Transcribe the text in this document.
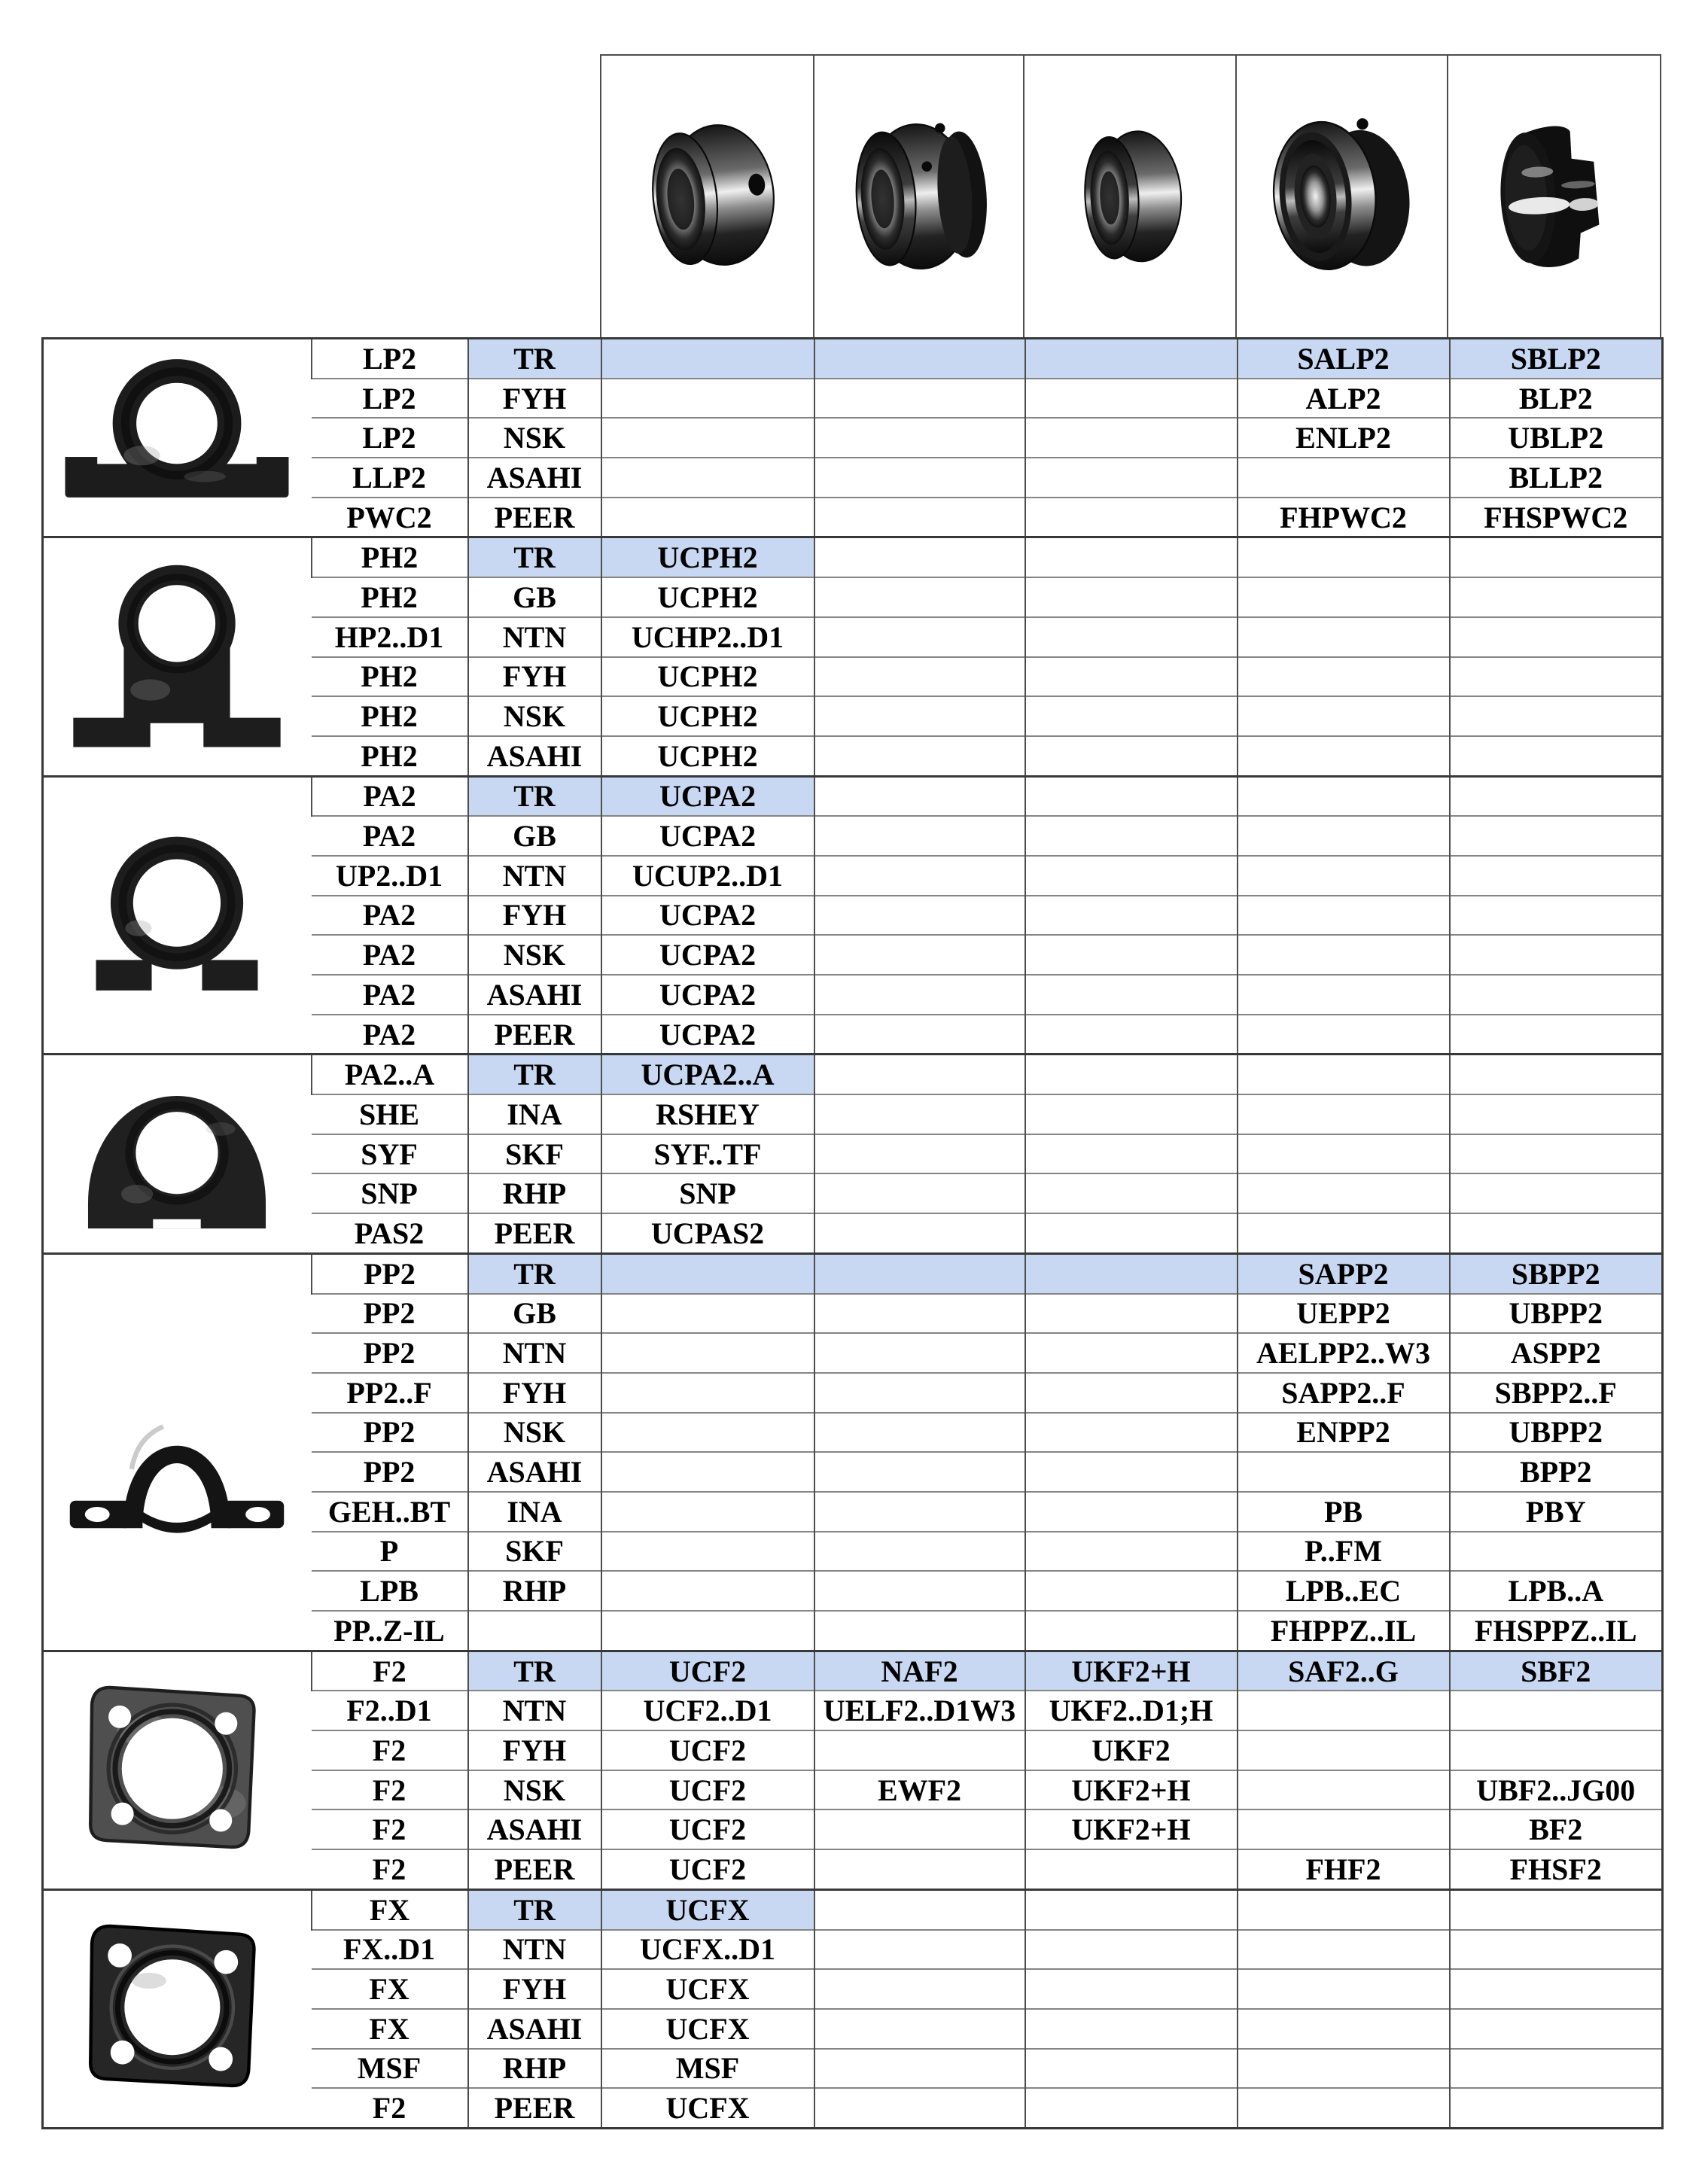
	LP2	TR				SALP2	SBLP2
	LP2	FYH				ALP2	BLP2
	LP2	NSK				ENLP2	UBLP2
	LLP2	ASAHI					BLLP2
	PWC2	PEER				FHPWC2	FHSPWC2

	PH2	TR	UCPH2				
	PH2	GB	UCPH2				
	HP2..D1	NTN	UCHP2..D1				
	PH2	FYH	UCPH2				
	PH2	NSK	UCPH2				
	PH2	ASAHI	UCPH2				

	PA2	TR	UCPA2				
	PA2	GB	UCPA2				
	UP2..D1	NTN	UCUP2..D1				
	PA2	FYH	UCPA2				
	PA2	NSK	UCPA2				
	PA2	ASAHI	UCPA2				
	PA2	PEER	UCPA2				

	PA2..A	TR	UCPA2..A				
	SHE	INA	RSHEY				
	SYF	SKF	SYF..TF				
	SNP	RHP	SNP				
	PAS2	PEER	UCPAS2				

	PP2	TR				SAPP2	SBPP2
	PP2	GB				UEPP2	UBPP2
	PP2	NTN				AELPP2..W3	ASPP2
	PP2..F	FYH				SAPP2..F	SBPP2..F
	PP2	NSK				ENPP2	UBPP2
	PP2	ASAHI					BPP2
	GEH..BT	INA				PB	PBY
	P	SKF				P..FM	
	LPB	RHP				LPB..EC	LPB..A
	PP..Z-IL					FHPPZ..IL	FHSPPZ..IL

	F2	TR	UCF2	NAF2	UKF2+H	SAF2..G	SBF2
	F2..D1	NTN	UCF2..D1	UELF2..D1W3	UKF2..D1;H		
	F2	FYH	UCF2		UKF2		
	F2	NSK	UCF2	EWF2	UKF2+H		UBF2..JG00
	F2	ASAHI	UCF2		UKF2+H		BF2
	F2	PEER	UCF2			FHF2	FHSF2

	FX	TR	UCFX				
	FX..D1	NTN	UCFX..D1				
	FX	FYH	UCFX				
	FX	ASAHI	UCFX				
	MSF	RHP	MSF				
	F2	PEER	UCFX				
